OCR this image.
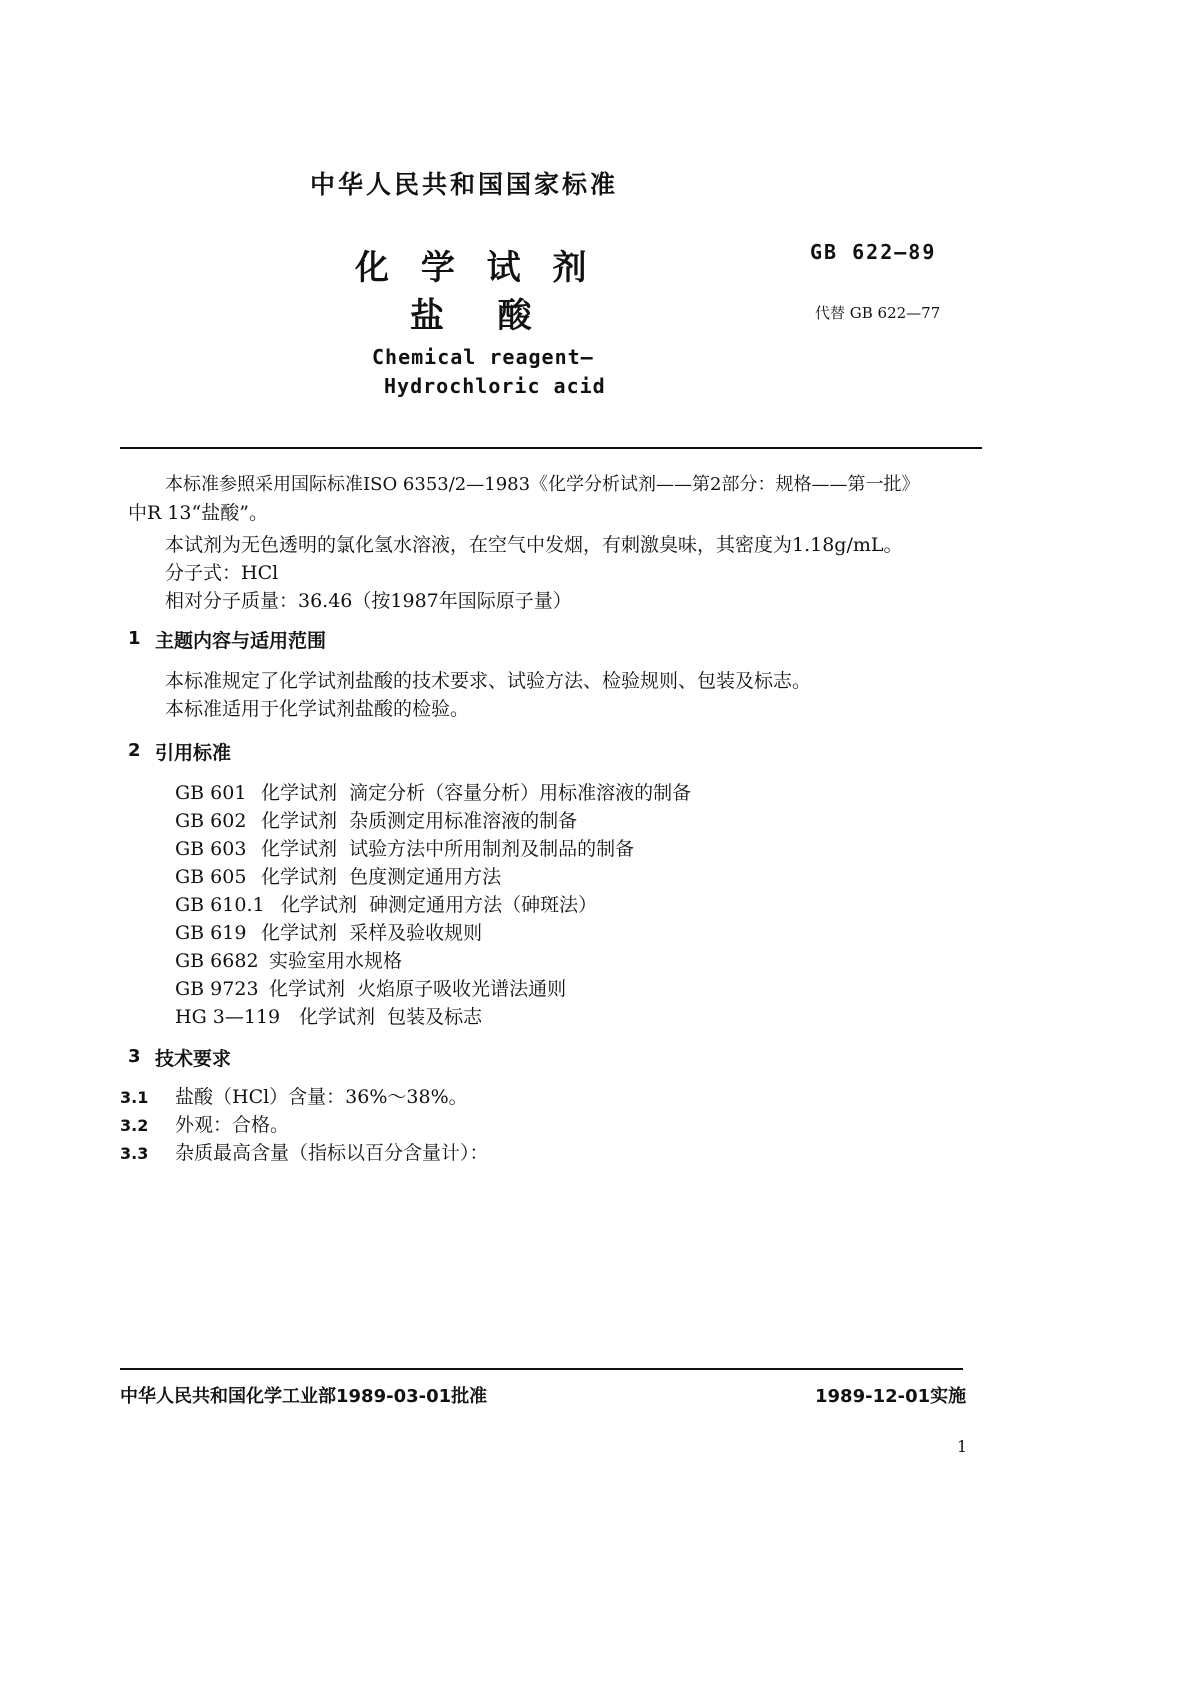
中华人民共和国国家标准
化 学 试 剂
盐  酸
GB 622—89
代替 GB 622—77
Chemical reagent—
Hydrochloric acid
本标准参照采用国际标准ISO 6353/2—1983《化学分析试剂——第2部分：规格——第一批》
中R 13“盐酸”。
本试剂为无色透明的氯化氢水溶液，在空气中发烟，有刺激臭味，其密度为1.18g/mL。
分子式：HCl
相对分子质量：36.46（按1987年国际原子量）
1 主题内容与适用范围
本标准规定了化学试剂盐酸的技术要求、试验方法、检验规则、包装及标志。
本标准适用于化学试剂盐酸的检验。
2 引用标准
GB 601 化学试剂  滴定分析（容量分析）用标准溶液的制备
GB 602 化学试剂  杂质测定用标准溶液的制备
GB 603 化学试剂  试验方法中所用制剂及制品的制备
GB 605 化学试剂  色度测定通用方法
GB 610.1 化学试剂  砷测定通用方法（砷斑法）
GB 619 化学试剂  采样及验收规则
GB 6682 实验室用水规格
GB 9723 化学试剂  火焰原子吸收光谱法通则
HG 3—119 化学试剂  包装及标志
3 技术要求
3.1 盐酸（HCl）含量：36%～38%。
3.2 外观：合格。
3.3 杂质最高含量（指标以百分含量计）：
中华人民共和国化学工业部1989-03-01批准	1989-12-01实施
1
